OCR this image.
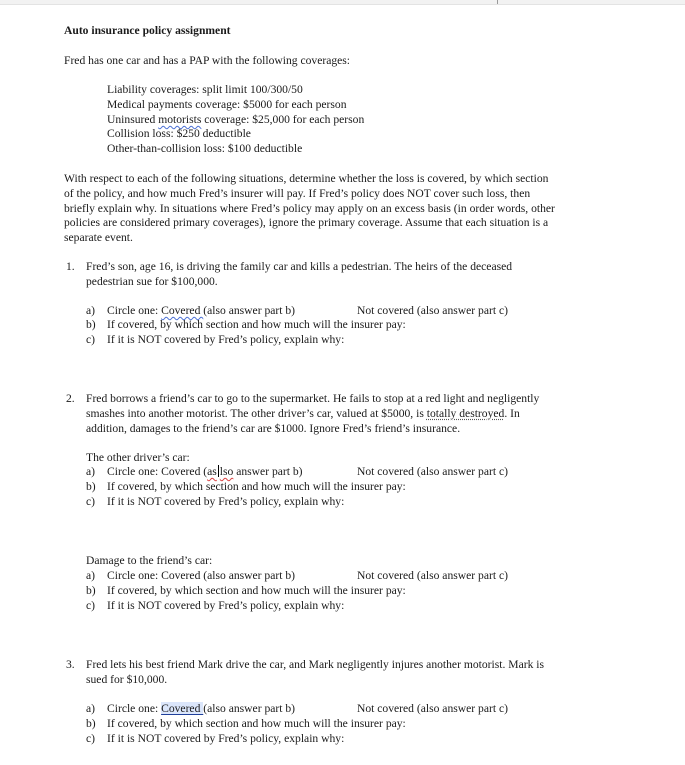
Auto insurance policy assignment
Fred has one car and has a PAP with the following coverages:
Liability coverages: split limit 100/300/50
Medical payments coverage: $5000 for each person
Uninsured motorists coverage: $25,000 for each person
Collision loss: $250 deductible
Other-than-collision loss: $100 deductible
With respect to each of the following situations, determine whether the loss is covered, by which section
of the policy, and how much Fred’s insurer will pay. If Fred’s policy does NOT cover such loss, then
briefly explain why. In situations where Fred’s policy may apply on an excess basis (in order words, other
policies are considered primary coverages), ignore the primary coverage. Assume that each situation is a
separate event.
1. Fred’s son, age 16, is driving the family car and kills a pedestrian. The heirs of the deceased
pedestrian sue for $100,000.
a) Circle one: Covered (also answer part b)	Not covered (also answer part c)
b) If covered, by which section and how much will the insurer pay:
c) If it is NOT covered by Fred’s policy, explain why:
2. Fred borrows a friend’s car to go to the supermarket. He fails to stop at a red light and negligently
smashes into another motorist. The other driver’s car, valued at $5000, is totally destroyed. In
addition, damages to the friend’s car are $1000. Ignore Fred’s friend’s insurance.
The other driver’s car:
a) Circle one: Covered (as lso answer part b)	Not covered (also answer part c)
b) If covered, by which section and how much will the insurer pay:
c) If it is NOT covered by Fred’s policy, explain why:
Damage to the friend’s car:
a) Circle one: Covered (also answer part b)	Not covered (also answer part c)
b) If covered, by which section and how much will the insurer pay:
c) If it is NOT covered by Fred’s policy, explain why:
3. Fred lets his best friend Mark drive the car, and Mark negligently injures another motorist. Mark is
sued for $10,000.
a) Circle one: Covered (also answer part b)	Not covered (also answer part c)
b) If covered, by which section and how much will the insurer pay:
c) If it is NOT covered by Fred’s policy, explain why:
